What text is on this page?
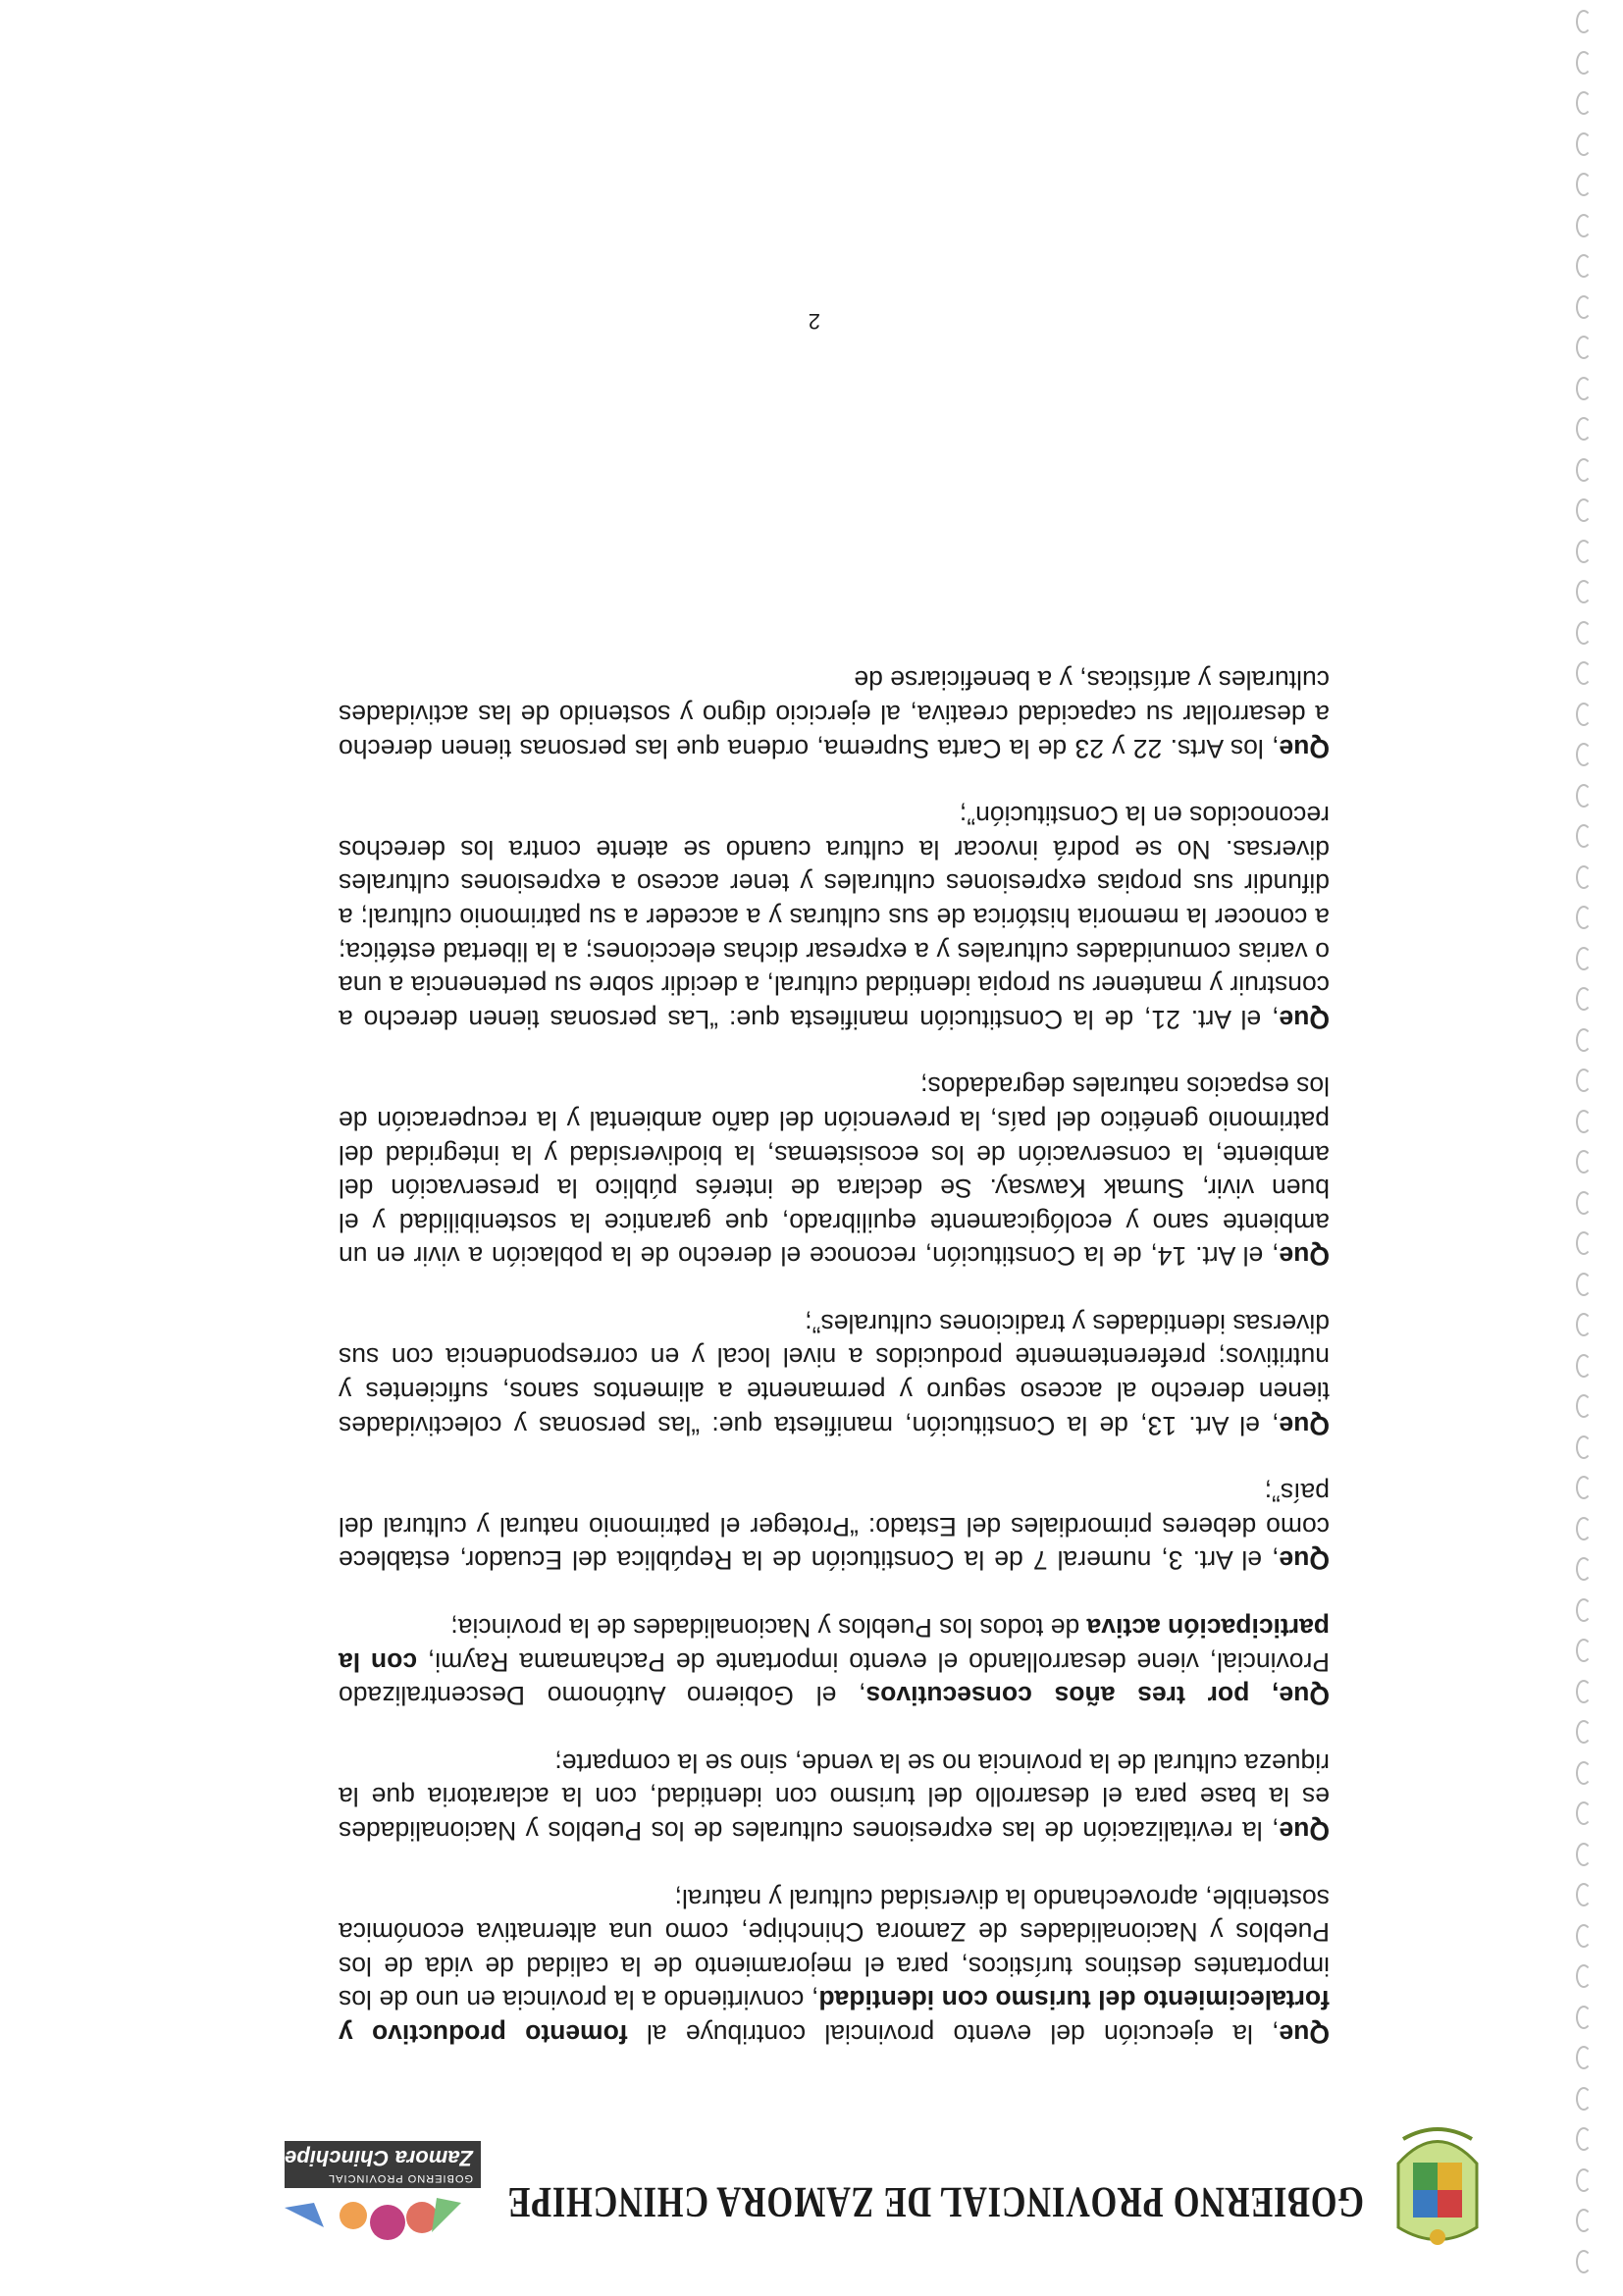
GOBIERNO PROVINCIAL DE ZAMORA CHINCHIPE
GOBIERNO PROVINCIAL
Zamora Chinchipe

Que, la ejecución del evento provincial contribuye al fomento productivo y fortalecimiento del turismo con identidad, convirtiendo a la provincia en uno de los importantes destinos turísticos, para el mejoramiento de la calidad de vida de los Pueblos y Nacionalidades de Zamora Chinchipe, como una alternativa económica sostenible, aprovechando la diversidad cultural y natural;

Que, la revitalización de las expresiones culturales de los Pueblos y Nacionalidades es la base para el desarrollo del turismo con identidad, con la aclaratoria que la riqueza cultural de la provincia no se la vende, sino se la comparte;

Que, por tres años consecutivos, el Gobierno Autónomo Descentralizado Provincial, viene desarrollando el evento importante de Pachamama Raymi, con la participación activa de todos los Pueblos y Nacionalidades de la provincia;

Que, el Art. 3, numeral 7 de la Constitución de la República del Ecuador, establece como deberes primordiales del Estado: “Proteger el patrimonio natural y cultural del país”;

Que, el Art. 13, de la Constitución, manifiesta que: “las personas y colectividades tienen derecho al acceso seguro y permanente a alimentos sanos, suficientes y nutritivos; preferentemente producidos a nivel local y en correspondencia con sus diversas identidades y tradiciones culturales”;

Que, el Art. 14, de la Constitución, reconoce el derecho de la población a vivir en un ambiente sano y ecológicamente equilibrado, que garantice la sostenibilidad y el buen vivir, Sumak Kawsay. Se declara de interés público la preservación del ambiente, la conservación de los ecosistemas, la biodiversidad y la integridad del patrimonio genético del país, la prevención del daño ambiental y la recuperación de los espacios naturales degradados;

Que, el Art. 21, de la Constitución manifiesta que: “Las personas tienen derecho a construir y mantener su propia identidad cultural, a decidir sobre su pertenencia a una o varias comunidades culturales y a expresar dichas elecciones; a la libertad estética; a conocer la memoria histórica de sus culturas y a acceder a su patrimonio cultural; a difundir sus propias expresiones culturales y tener acceso a expresiones culturales diversas. No se podrá invocar la cultura cuando se atente contra los derechos reconocidos en la Constitución”;

Que, los Arts. 22 y 23 de la Carta Suprema, ordena que las personas tienen derecho a desarrollar su capacidad creativa, al ejercicio digno y sostenido de las actividades culturales y artísticas, y a beneficiarse de

2
